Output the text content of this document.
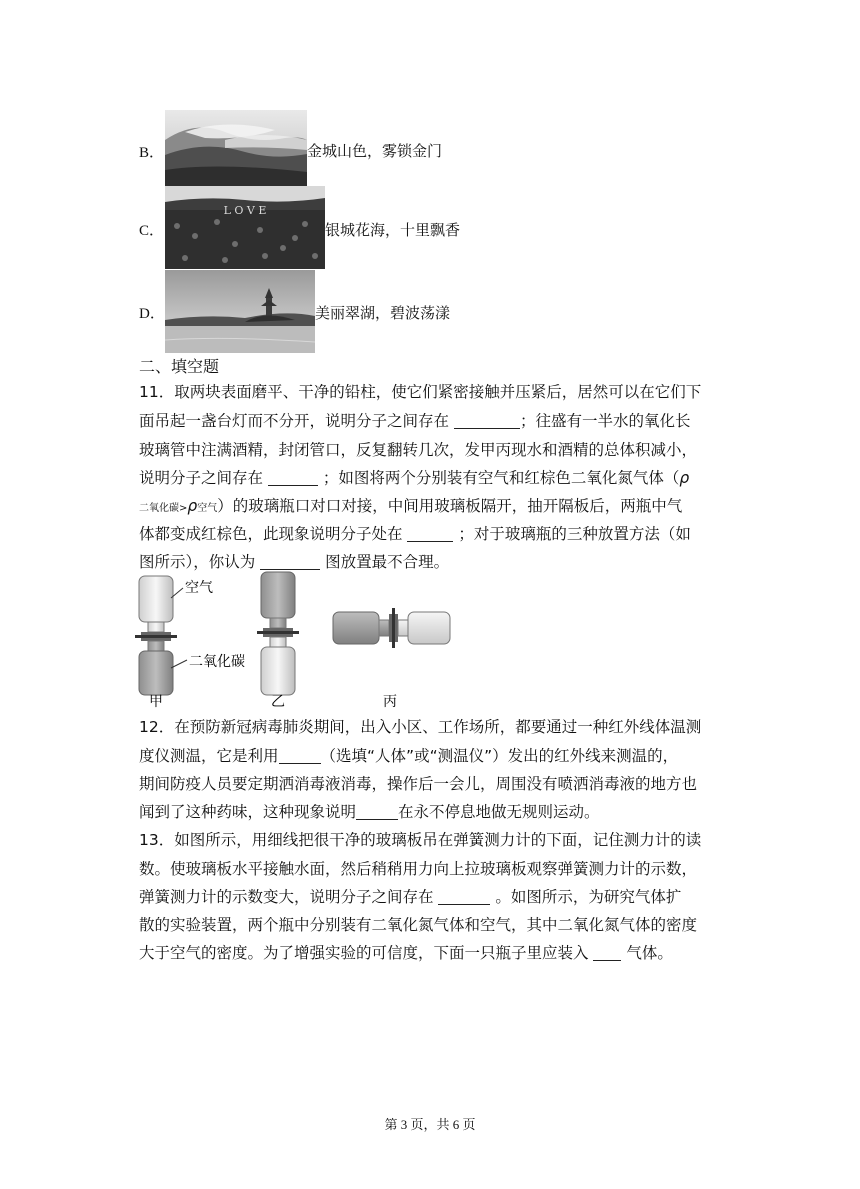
B．	金城山色，雾锁金门
C．
L O V E
银城花海，十里飘香
D．	美丽翠湖，碧波荡漾
二、填空题
11．取两块表面磨平、干净的铅柱，使它们紧密接触并压紧后，居然可以在它们下
面吊起一盏台灯而不分开，说明分子之间存在	；往盛有一半水的氧化长
玻璃管中注满酒精，封闭管口，反复翻转几次，发甲丙现水和酒精的总体积减小，
说明分子之间存在	；如图将两个分别装有空气和红棕色二氧化氮气体（ρ
二氧化碳>ρ空气）的玻璃瓶口对口对接，中间用玻璃板隔开，抽开隔板后，两瓶中气
体都变成红棕色，此现象说明分子处在	；对于玻璃瓶的三种放置方法（如
图所示），你认为	图放置最不合理。
空气
二氧化碳
甲	乙	丙
12．在预防新冠病毒肺炎期间，出入小区、工作场所，都要通过一种红外线体温测
度仪测温，它是利用	（选填“人体”或“测温仪”）发出的红外线来测温的，
期间防疫人员要定期洒消毒液消毒，操作后一会儿，周围没有喷洒消毒液的地方也
闻到了这种药味，这种现象说明	在永不停息地做无规则运动。
13．如图所示，用细线把很干净的玻璃板吊在弹簧测力计的下面，记住测力计的读
数。使玻璃板水平接触水面，然后稍稍用力向上拉玻璃板观察弹簧测力计的示数，
弹簧测力计的示数变大，说明分子之间存在	。如图所示，为研究气体扩
散的实验装置，两个瓶中分别装有二氧化氮气体和空气，其中二氧化氮气体的密度
大于空气的密度。为了增强实验的可信度，下面一只瓶子里应装入 气体。
第 3 页，共 6 页
